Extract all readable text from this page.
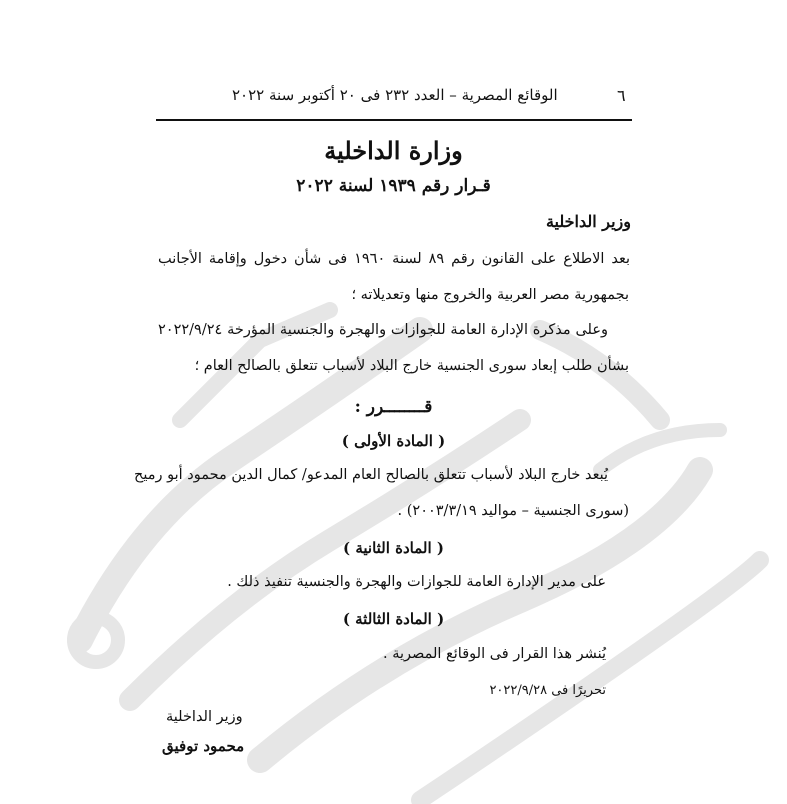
٦
الوقائع المصرية – العدد ٢٣٢ فى ٢٠ أكتوبر سنة ٢٠٢٢
وزارة الداخلية
قـرار رقم ١٩٣٩ لسنة ٢٠٢٢
وزير الداخلية
بعد الاطلاع على القانون رقم ٨٩ لسنة ١٩٦٠ فى شأن دخول وإقامة الأجانب
بجمهورية مصر العربية والخروج منها وتعديلاته ؛
وعلى مذكرة الإدارة العامة للجوازات والهجرة والجنسية المؤرخة ٢٠٢٢/٩/٢٤
بشأن طلب إبعاد سورى الجنسية خارج البلاد لأسباب تتعلق بالصالح العام ؛
قــــــــرر :
( المادة الأولى )
يُبعد خارج البلاد لأسباب تتعلق بالصالح العام المدعو/ كمال الدين محمود أبو رميح
(سورى الجنسية – مواليد ٢٠٠٣/٣/١٩) .
( المادة الثانية )
على مدير الإدارة العامة للجوازات والهجرة والجنسية تنفيذ ذلك .
( المادة الثالثة )
يُنشر هذا القرار فى الوقائع المصرية .
تحريرًا فى ٢٠٢٢/٩/٢٨
وزير الداخلية
محمود توفيق
